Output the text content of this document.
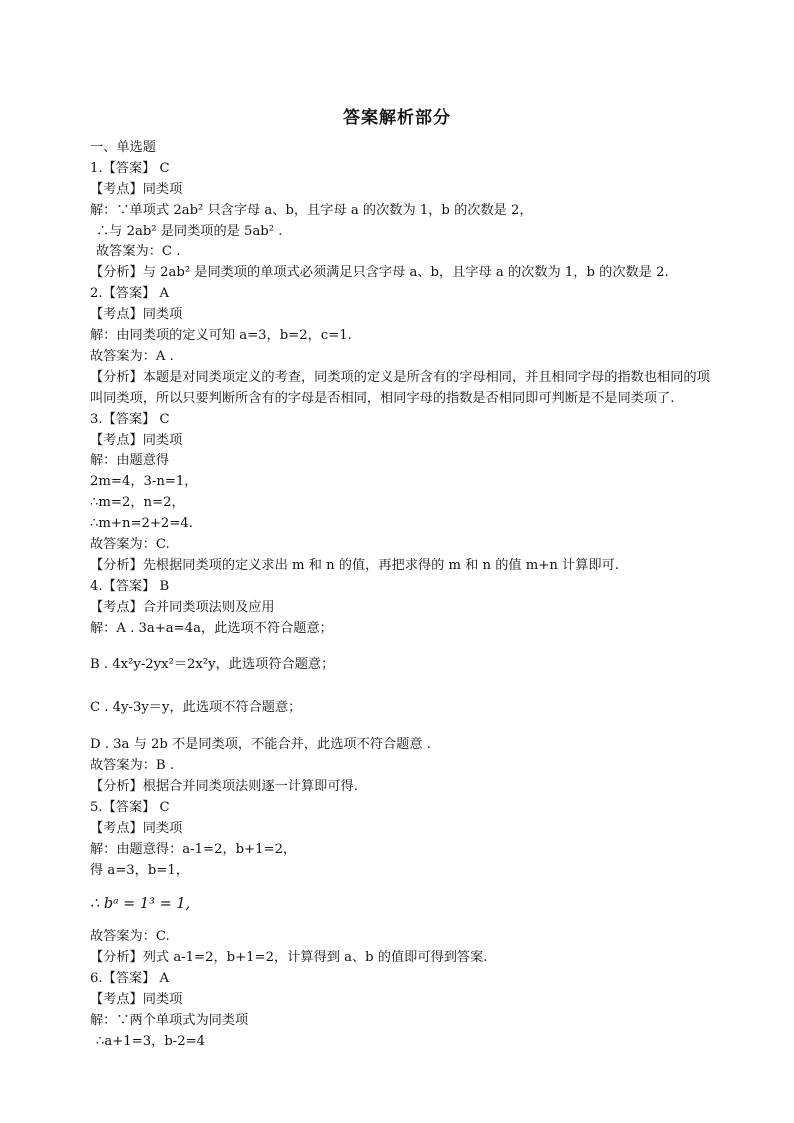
答案解析部分
一、单选题
1.【答案】 C
【考点】同类项
解：∵单项式 2ab² 只含字母 a、b，且字母 a 的次数为 1，b 的次数是 2，
∴与 2ab² 是同类项的是 5ab² .
故答案为：C .
【分析】与 2ab² 是同类项的单项式必须满足只含字母 a、b，且字母 a 的次数为 1，b 的次数是 2.
2.【答案】 A
【考点】同类项
解：由同类项的定义可知 a=3，b=2，c=1.
故答案为：A .
【分析】本题是对同类项定义的考查，同类项的定义是所含有的字母相同，并且相同字母的指数也相同的项叫同类项，所以只要判断所含有的字母是否相同，相同字母的指数是否相同即可判断是不是同类项了.
3.【答案】 C
【考点】同类项
解：由题意得
2m=4，3-n=1，
∴m=2，n=2，
∴m+n=2+2=4.
故答案为：C.
【分析】先根据同类项的定义求出 m 和 n 的值，再把求得的 m 和 n 的值 m+n 计算即可.
4.【答案】 B
【考点】合并同类项法则及应用
解：A . 3a+a=4a，此选项不符合题意；
B . 4x²y-2yx²＝2x²y，此选项符合题意；
C . 4y-3y＝y，此选项不符合题意；
D . 3a 与 2b 不是同类项，不能合并，此选项不符合题意 .
故答案为：B .
【分析】根据合并同类项法则逐一计算即可得.
5.【答案】 C
【考点】同类项
解：由题意得：a-1=2，b+1=2，
得 a=3，b=1，
∴ bᵃ = 1³ = 1,
故答案为：C.
【分析】列式 a-1=2，b+1=2，计算得到 a、b 的值即可得到答案.
6.【答案】 A
【考点】同类项
解：∵两个单项式为同类项
∴a+1=3，b-2=4
